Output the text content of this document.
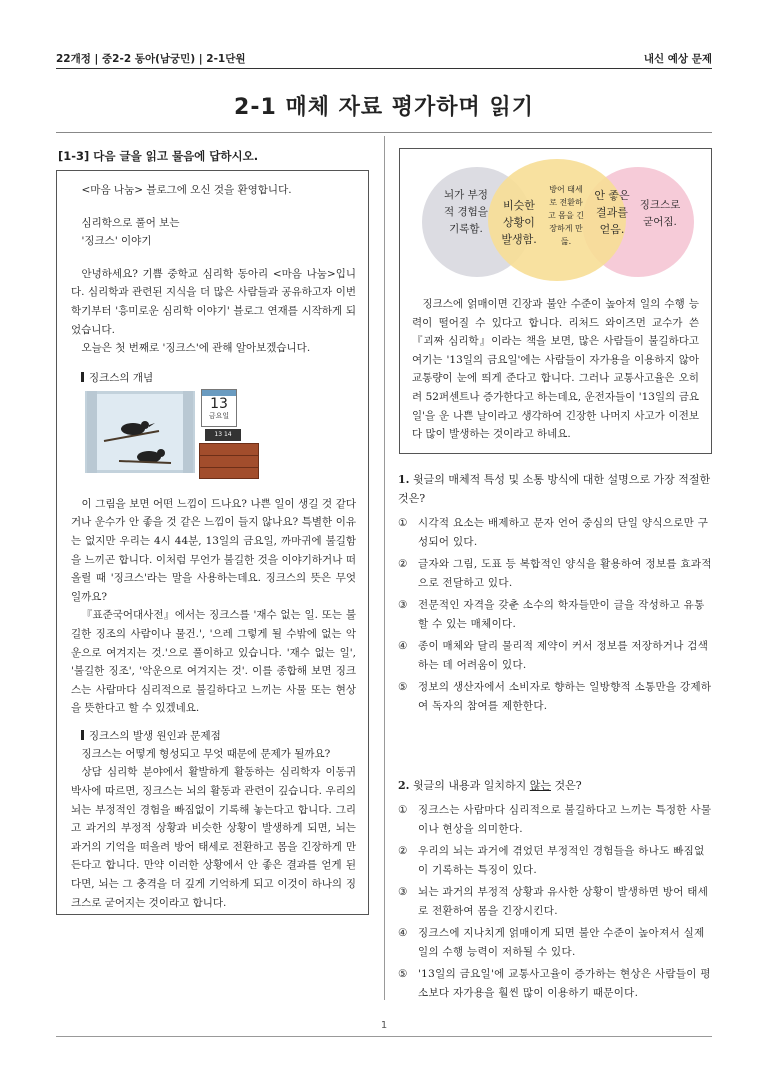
22개정 | 중2-2 동아(남궁민) | 2-1단원	내신 예상 문제
2-1 매체 자료 평가하며 읽기
[1-3] 다음 글을 읽고 물음에 답하시오.

<마음 나눔> 블로그에 오신 것을 환영합니다.

심리학으로 풀어 보는

'징크스' 이야기

안녕하세요? 기쁨 중학교 심리학 동아리 <마음 나눔>입니다. 심리학과 관련된 지식을 더 많은 사람들과 공유하고자 이번 학기부터 '흥미로운 심리학 이야기' 블로그 연재를 시작하게 되었습니다.

오늘은 첫 번째로 '징크스'에 관해 알아보겠습니다.

징크스의 개념

13
금요일
13 14

이 그림을 보면 어떤 느낌이 드나요? 나쁜 일이 생길 것 같다거나 운수가 안 좋을 것 같은 느낌이 들지 않나요? 특별한 이유는 없지만 우리는 4시 44분, 13일의 금요일, 까마귀에 불길함을 느끼곤 합니다. 이처럼 무언가 불길한 것을 이야기하거나 떠올릴 때 '징크스'라는 말을 사용하는데요. 징크스의 뜻은 무엇일까요?

『표준국어대사전』에서는 징크스를 '재수 없는 일. 또는 불길한 징조의 사람이나 물건.', '으레 그렇게 될 수밖에 없는 악운으로 여겨지는 것.'으로 풀이하고 있습니다. '재수 없는 일', '불길한 징조', '악운으로 여겨지는 것'. 이를 종합해 보면 징크스는 사람마다 심리적으로 불길하다고 느끼는 사물 또는 현상을 뜻한다고 할 수 있겠네요.

징크스의 발생 원인과 문제점

징크스는 어떻게 형성되고 무엇 때문에 문제가 될까요?

상담 심리학 분야에서 활발하게 활동하는 심리학자 이동귀 박사에 따르면, 징크스는 뇌의 활동과 관련이 깊습니다. 우리의 뇌는 부정적인 경험을 빠짐없이 기록해 놓는다고 합니다. 그리고 과거의 부정적 상황과 비슷한 상황이 발생하게 되면, 뇌는 과거의 기억을 떠올려 방어 태세로 전환하고 몸을 긴장하게 만든다고 합니다. 만약 이러한 상황에서 안 좋은 결과를 얻게 된다면, 뇌는 그 충격을 더 깊게 기억하게 되고 이것이 하나의 징크스로 굳어지는 것이라고 합니다.

뇌가 부정적 경험을 기록함.
비슷한 상황이 발생함.
방어 태세로 전환하고 몸을 긴장하게 만듦.
안 좋은 결과를 얻음.
징크스로 굳어짐.

징크스에 얽매이면 긴장과 불안 수준이 높아져 일의 수행 능력이 떨어질 수 있다고 합니다. 리처드 와이즈먼 교수가 쓴 『괴짜 심리학』이라는 책을 보면, 많은 사람들이 불길하다고 여기는 '13일의 금요일'에는 사람들이 자가용을 이용하지 않아 교통량이 눈에 띄게 준다고 합니다. 그러나 교통사고율은 오히려 52퍼센트나 증가한다고 하는데요, 운전자들이 '13일의 금요일'을 운 나쁜 날이라고 생각하여 긴장한 나머지 사고가 이전보다 많이 발생하는 것이라고 하네요.

1. 윗글의 매체적 특성 및 소통 방식에 대한 설명으로 가장 적절한 것은?

①	시각적 요소는 배제하고 문자 언어 중심의 단일 양식으로만 구성되어 있다.
②	글자와 그림, 도표 등 복합적인 양식을 활용하여 정보를 효과적으로 전달하고 있다.
③	전문적인 자격을 갖춘 소수의 학자들만이 글을 작성하고 유통할 수 있는 매체이다.
④	종이 매체와 달리 물리적 제약이 커서 정보를 저장하거나 검색하는 데 어려움이 있다.
⑤	정보의 생산자에서 소비자로 향하는 일방향적 소통만을 강제하여 독자의 참여를 제한한다.

2. 윗글의 내용과 일치하지 않는 것은?

①	징크스는 사람마다 심리적으로 불길하다고 느끼는 특정한 사물이나 현상을 의미한다.
②	우리의 뇌는 과거에 겪었던 부정적인 경험들을 하나도 빠짐없이 기록하는 특징이 있다.
③	뇌는 과거의 부정적 상황과 유사한 상황이 발생하면 방어 태세로 전환하여 몸을 긴장시킨다.
④	징크스에 지나치게 얽매이게 되면 불안 수준이 높아져서 실제 일의 수행 능력이 저하될 수 있다.
⑤	'13일의 금요일'에 교통사고율이 증가하는 현상은 사람들이 평소보다 자가용을 훨씬 많이 이용하기 때문이다.
1
